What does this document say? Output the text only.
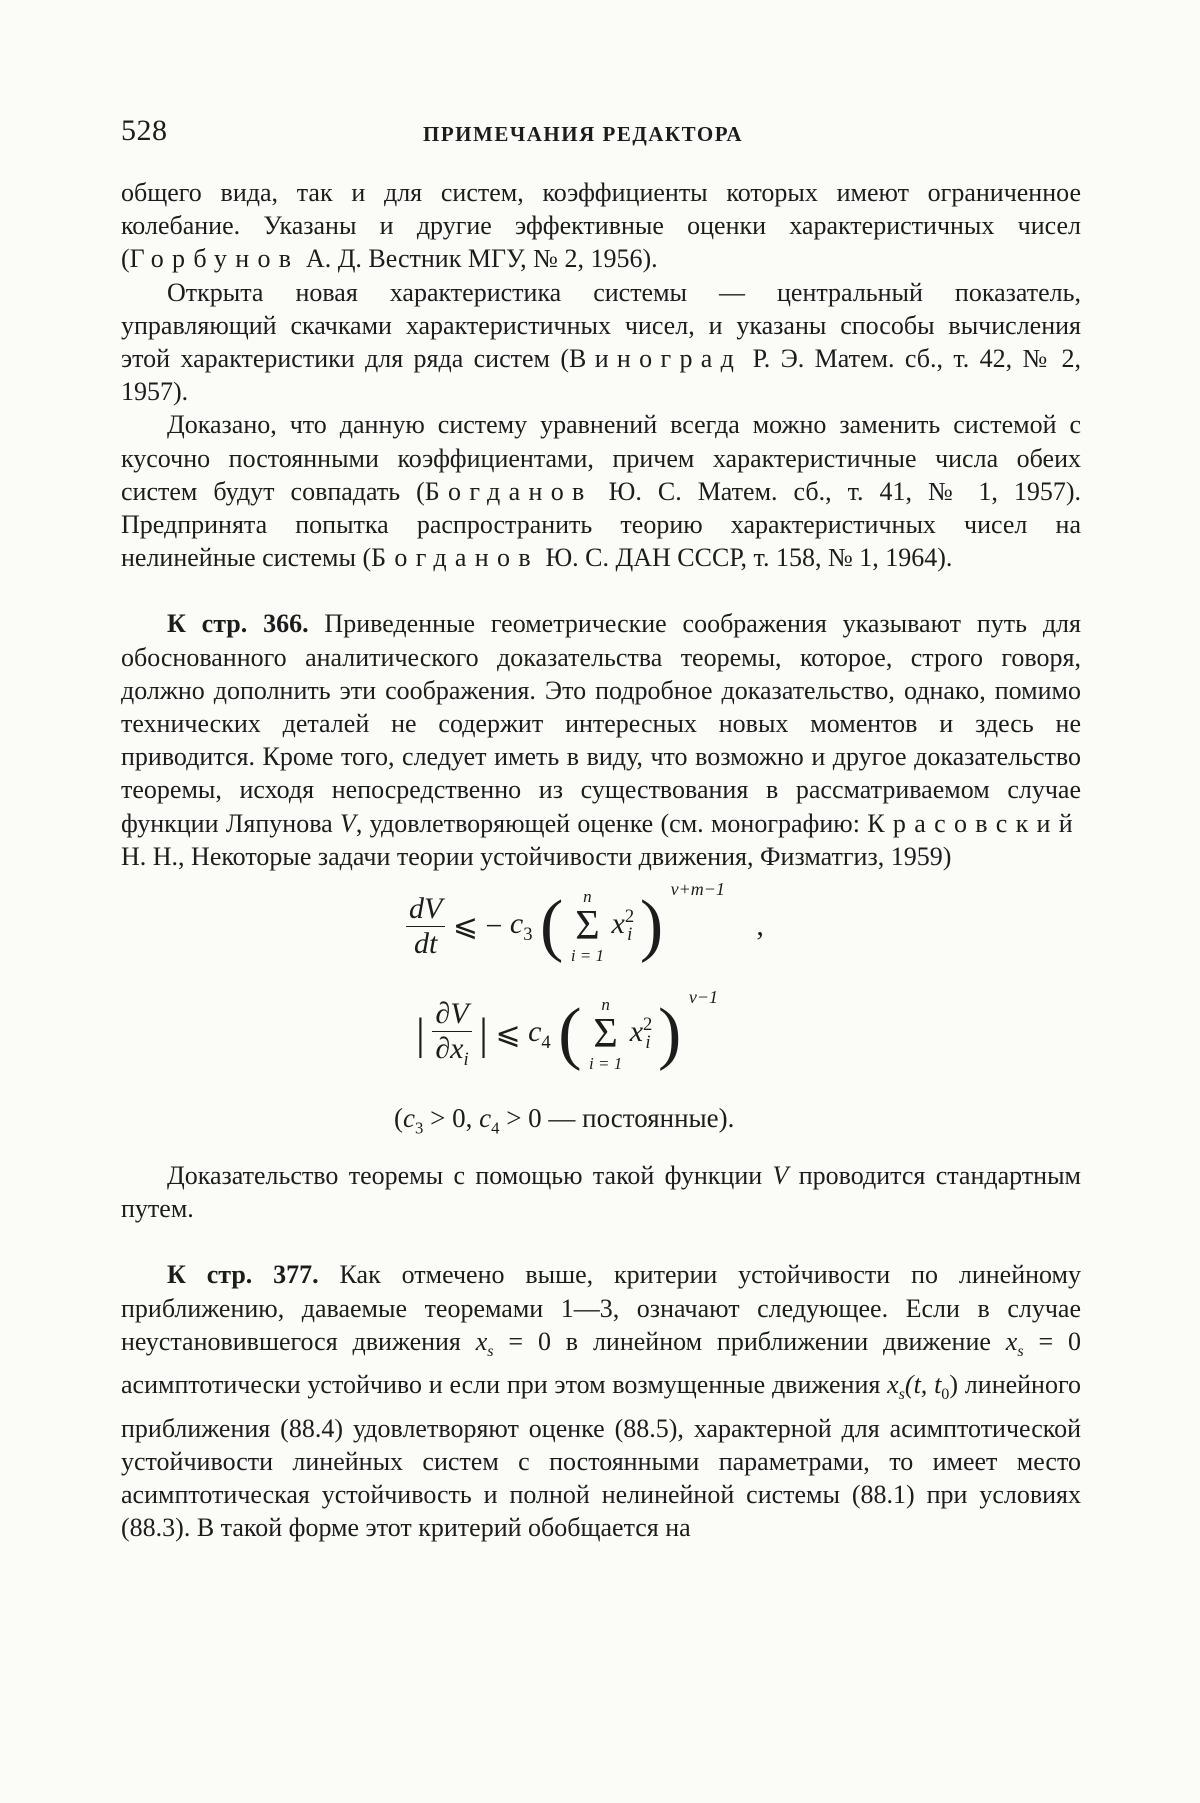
528	ПРИМЕЧАНИЯ РЕДАКТОРА

общего вида, так и для систем, коэффициенты которых имеют ограниченное колебание. Указаны и другие эффективные оценки характеристичных чисел (Горбунов А. Д. Вестник МГУ, № 2, 1956).

Открыта новая характеристика системы — центральный показатель, управляющий скачками характеристичных чисел, и указаны способы вычисления этой характеристики для ряда систем (Виноград Р. Э. Матем. сб., т. 42, № 2, 1957).

Доказано, что данную систему уравнений всегда можно заменить системой с кусочно постоянными коэффициентами, причем характеристичные числа обеих систем будут совпадать (Богданов Ю. С. Матем. сб., т. 41, № 1, 1957). Предпринята попытка распространить теорию характеристичных чисел на нелинейные системы (Богданов Ю. С. ДАН СССР, т. 158, № 1, 1964).

К стр. 366. Приведенные геометрические соображения указывают путь для обоснованного аналитического доказательства теоремы, которое, строго говоря, должно дополнить эти соображения. Это подробное доказательство, однако, помимо технических деталей не содержит интересных новых моментов и здесь не приводится. Кроме того, следует иметь в виду, что возможно и другое доказательство теоремы, исходя непосредственно из существования в рассматриваемом случае функции Ляпунова V, удовлетворяющей оценке (см. монографию: Красовский Н. Н., Некоторые задачи теории устойчивости движения, Физматгиз, 1959)

dV
dt
⩽ − c3 (	n
Σ
i = 1
x2i ) ν+m−1 ,
| ∂V
∂xi
| ⩽ c4 (	n
Σ
i = 1
x2i ) ν−1
(c3 > 0, c4 > 0 — постоянные).

Доказательство теоремы с помощью такой функции V проводится стандартным путем.

К стр. 377. Как отмечено выше, критерии устойчивости по линейному приближению, даваемые теоремами 1—3, означают следующее. Если в случае неустановившегося движения xs = 0 в линейном приближении движение xs = 0 асимптотически устойчиво и если при этом возмущенные движения xs(t, t0) линейного приближения (88.4) удовлетворяют оценке (88.5), характерной для асимптотической устойчивости линейных систем с постоянными параметрами, то имеет место асимптотическая устойчивость и полной нелинейной системы (88.1) при условиях (88.3). В такой форме этот критерий обобщается на
